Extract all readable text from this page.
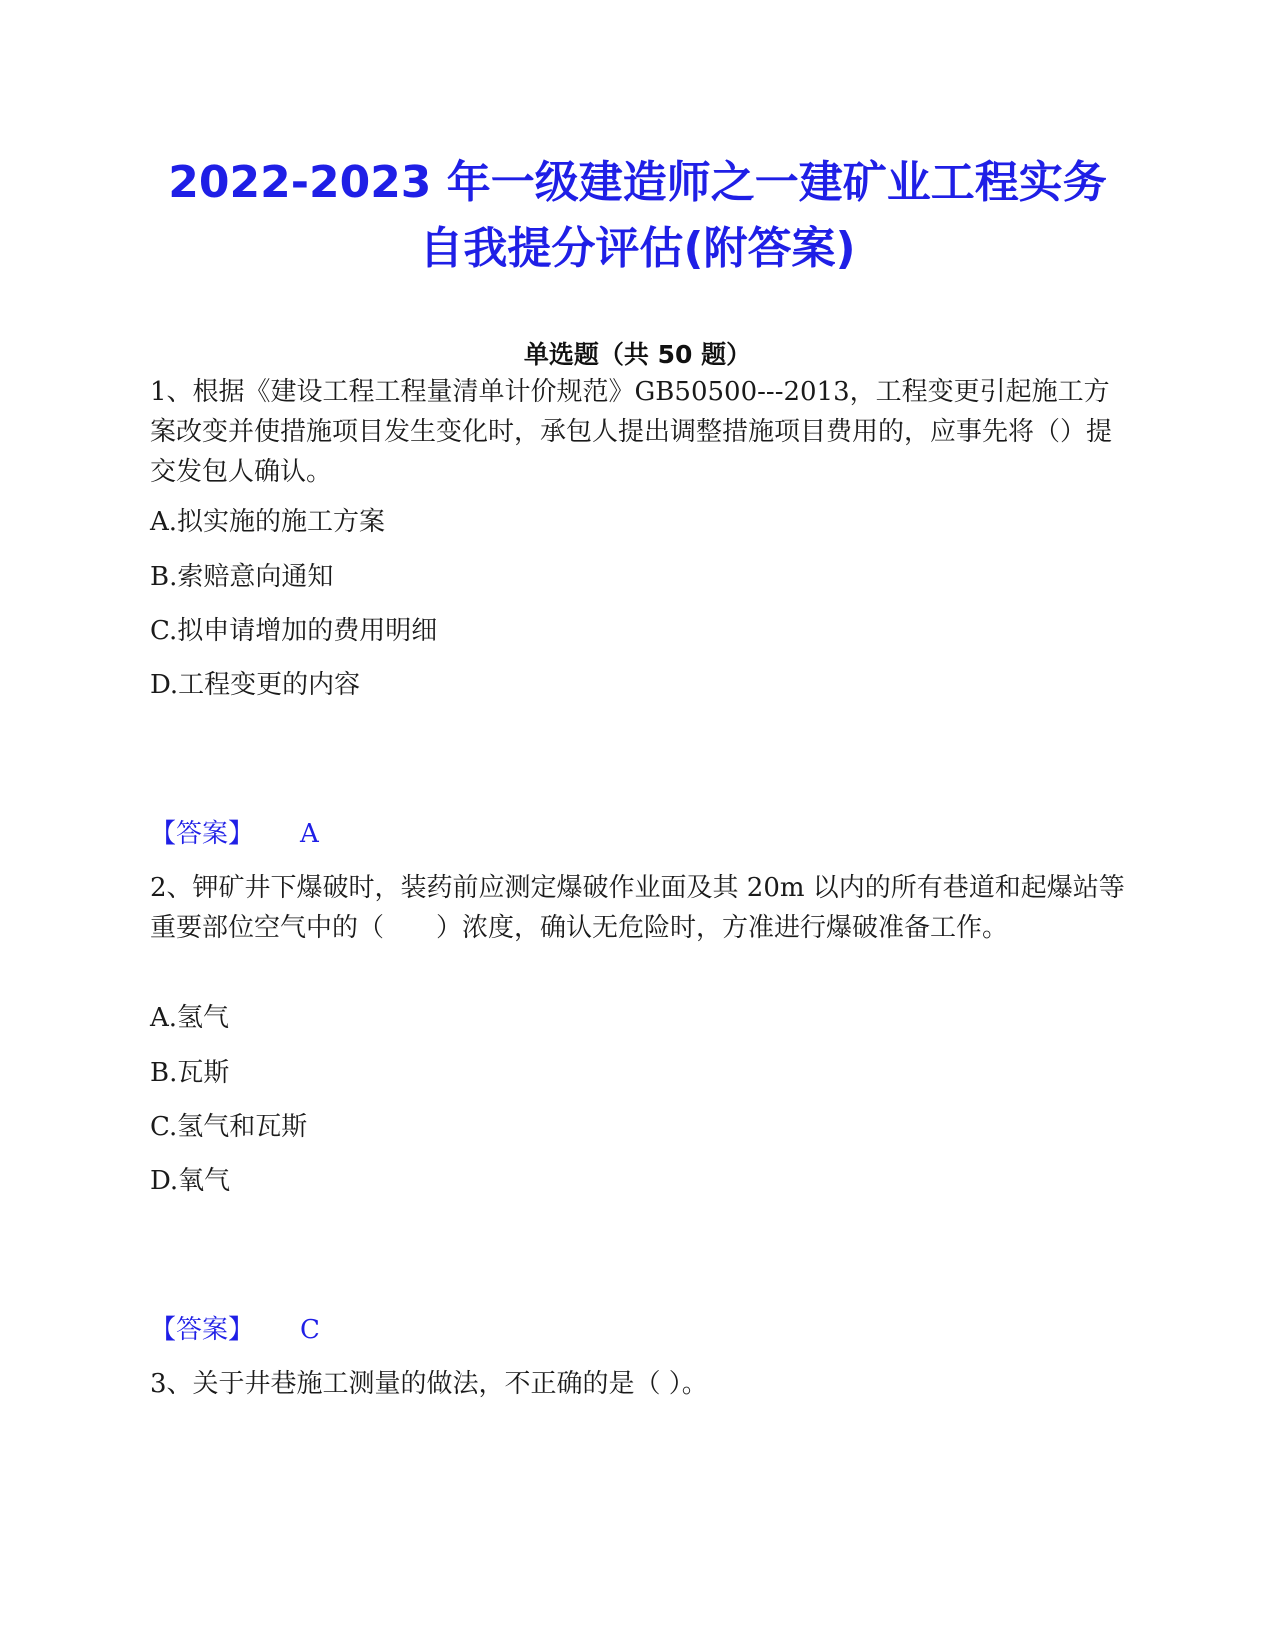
2022-2023 年一级建造师之一建矿业工程实务自我提分评估(附答案)
单选题（共 50 题）

1、根据《建设工程工程量清单计价规范》GB50500---2013，工程变更引起施工方案改变并使措施项目发生变化时，承包人提出调整措施项目费用的，应事先将（）提交发包人确认。

A.拟实施的施工方案

B.索赔意向通知

C.拟申请增加的费用明细

D.工程变更的内容

【答案】 A

2、钾矿井下爆破时，装药前应测定爆破作业面及其 20m 以内的所有巷道和起爆站等重要部位空气中的（　　）浓度，确认无危险时，方准进行爆破准备工作。

A.氢气

B.瓦斯

C.氢气和瓦斯

D.氧气

【答案】 C

3、关于井巷施工测量的做法，不正确的是（ ）。
